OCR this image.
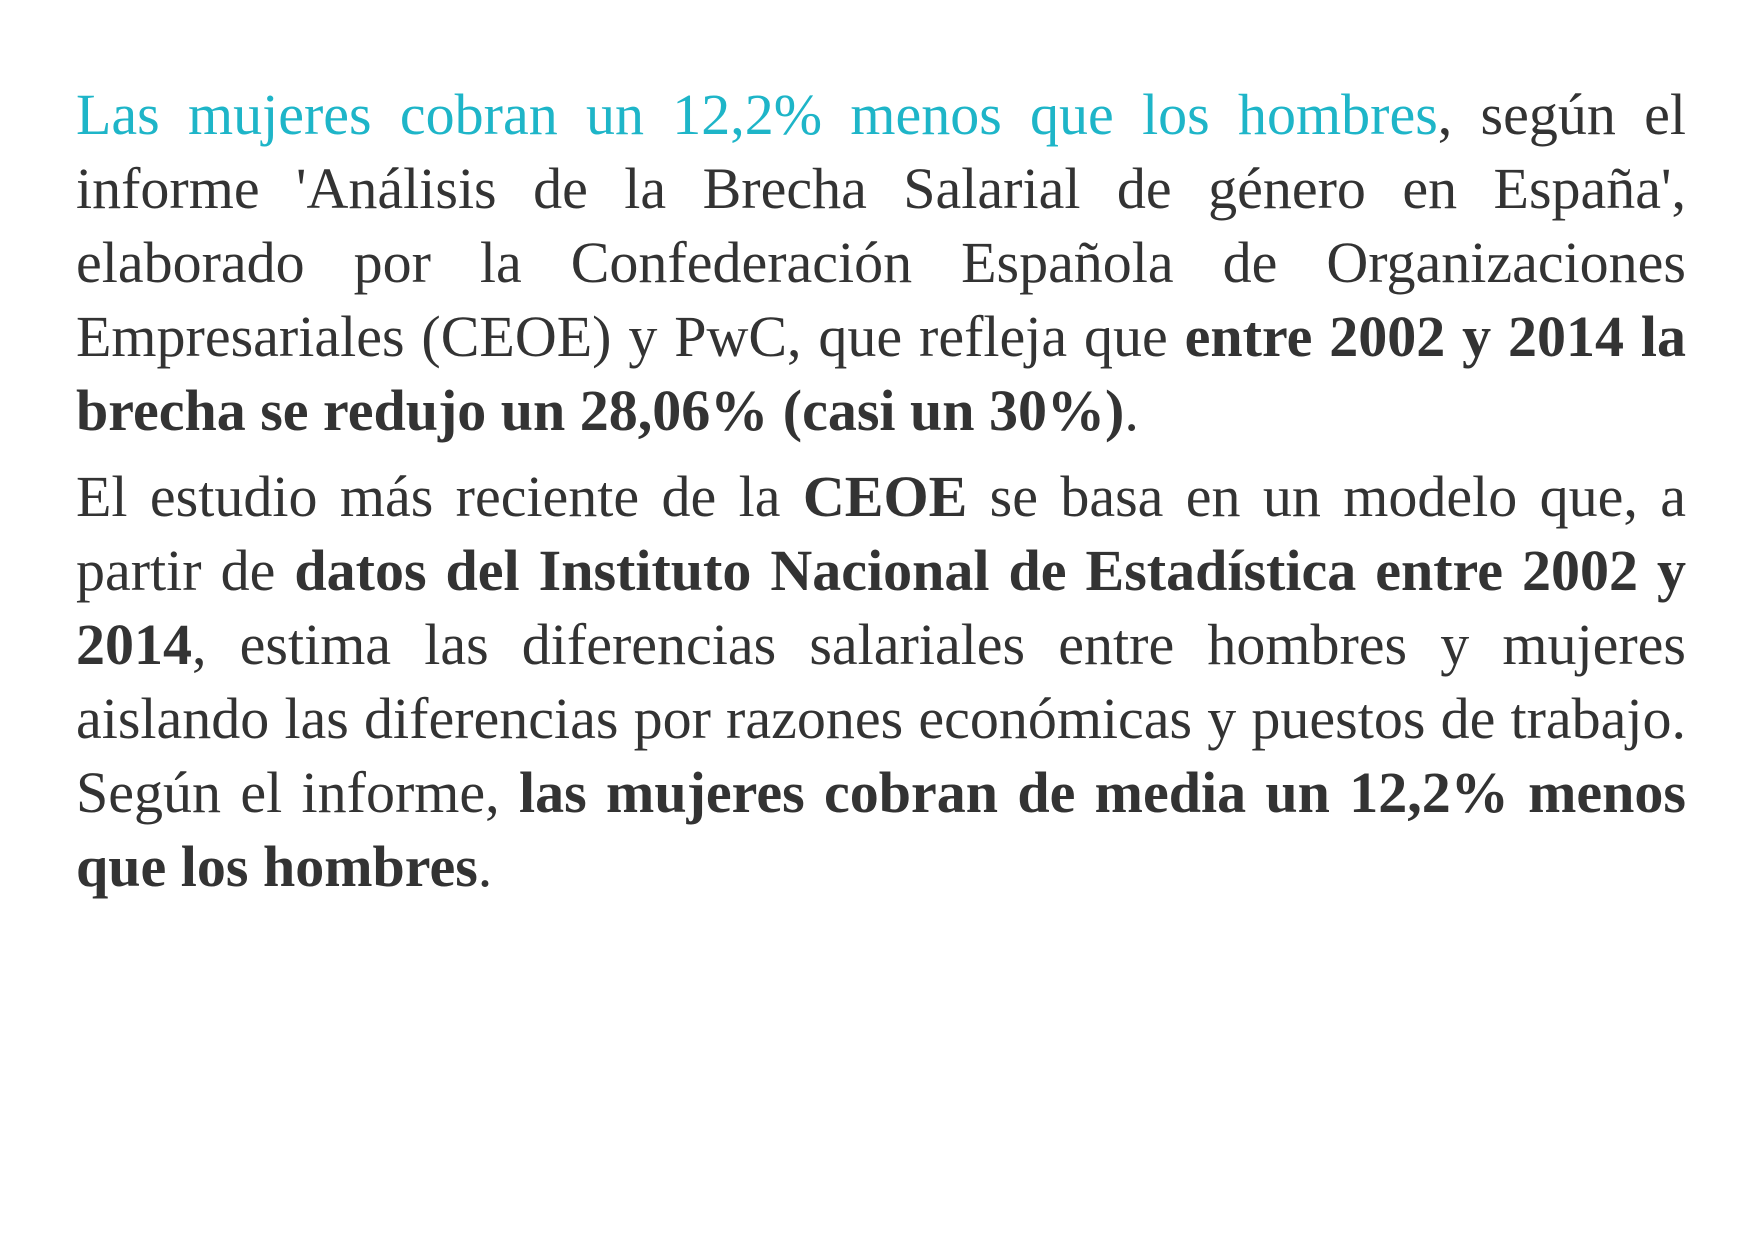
Las mujeres cobran un 12,2% menos que los hombres, según el informe 'Análisis de la Brecha Salarial de género en España', elaborado por la Confederación Española de Organizaciones Empresariales (CEOE) y PwC, que refleja que entre 2002 y 2014 la brecha se redujo un 28,06% (casi un 30%).

El estudio más reciente de la CEOE se basa en un modelo que, a partir de datos del Instituto Nacional de Estadística entre 2002 y 2014, estima las diferencias salariales entre hombres y mujeres aislando las diferencias por razones económicas y puestos de trabajo. Según el informe, las mujeres cobran de media un 12,2% menos que los hombres.
